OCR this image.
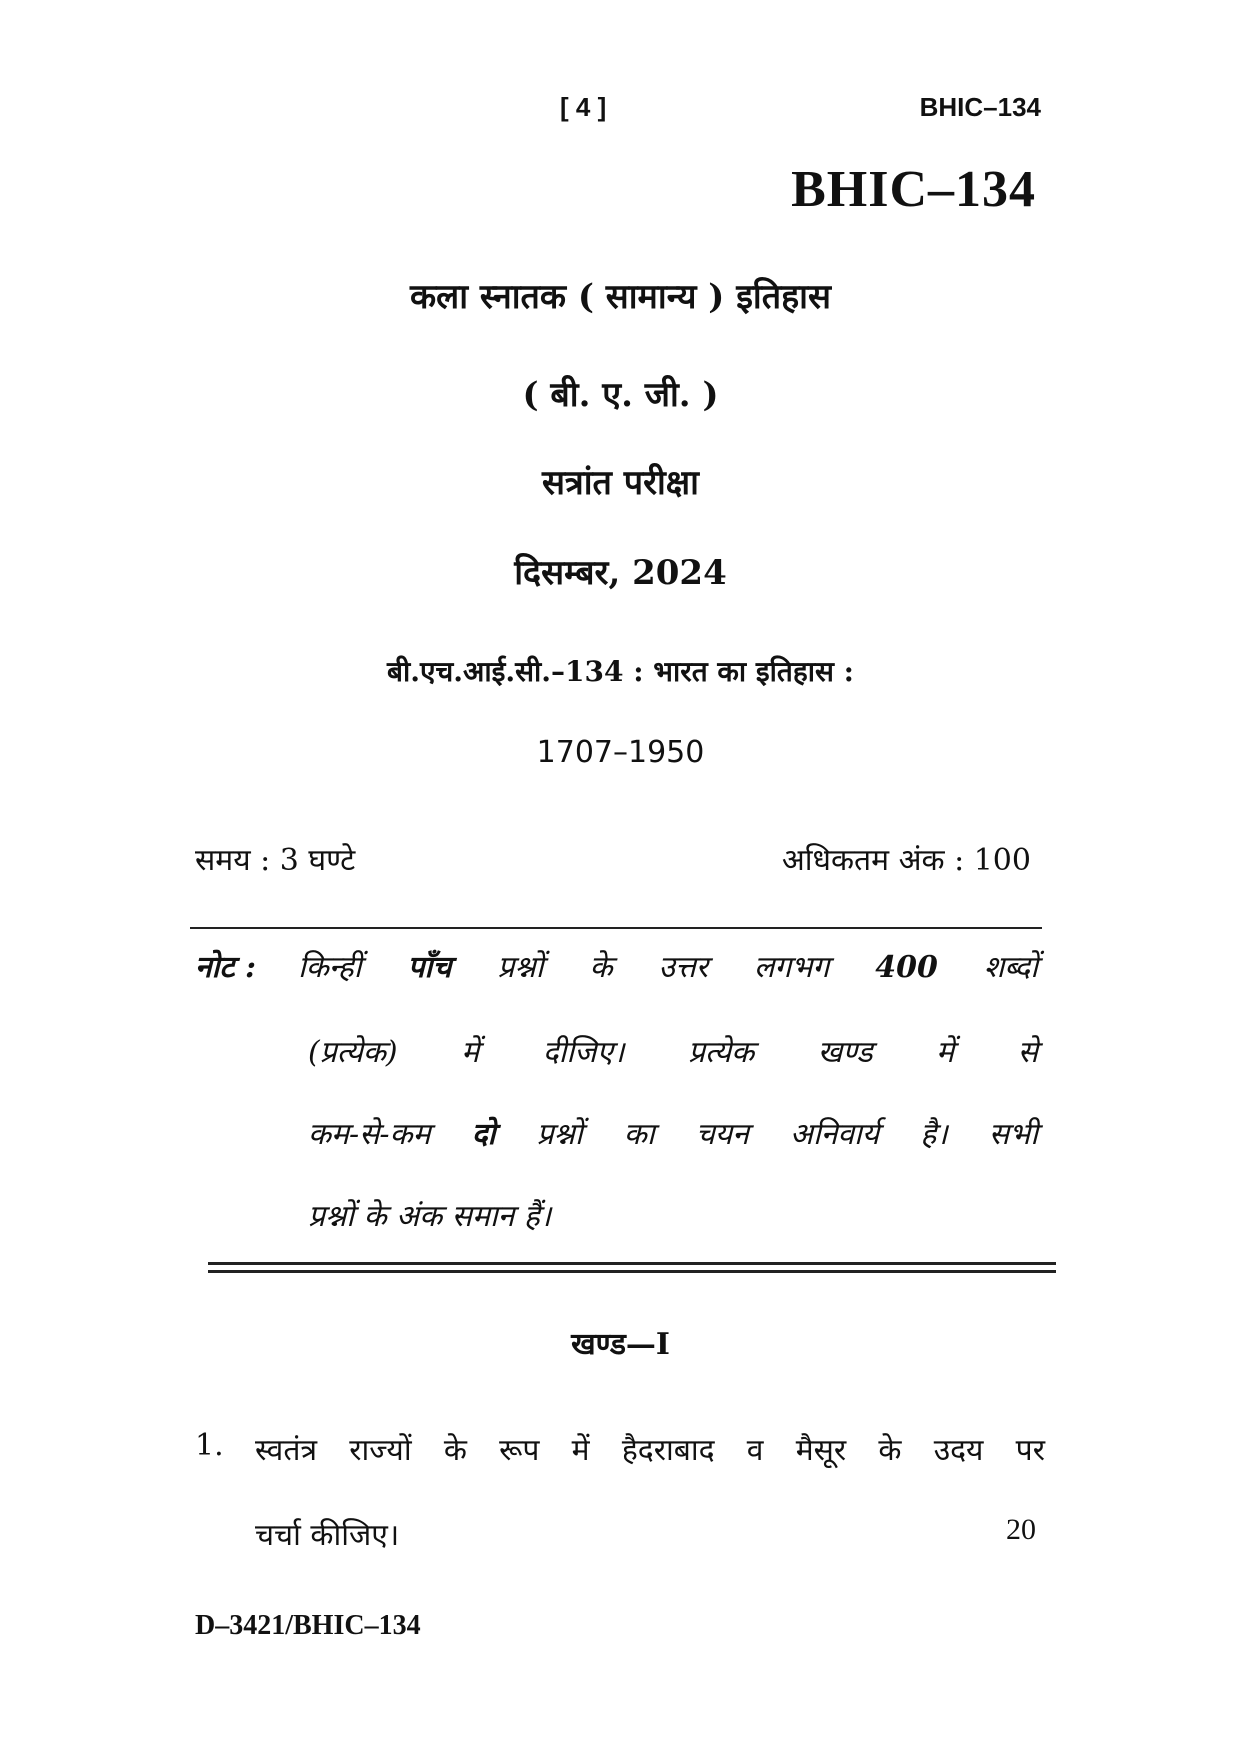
[ 4 ]	BHIC–134
BHIC–134
कला स्नातक ( सामान्य ) इतिहास
( बी. ए. जी. )
सत्रांत परीक्षा
दिसम्बर, 2024
बी.एच.आई.सी.–134 : भारत का इतिहास :
1707–1950
समय : 3 घण्टे	अधिकतम अंक : 100
नोट : किन्हीं पाँच प्रश्नों के उत्तर लगभग 400 शब्दों
(प्रत्येक) में दीजिए। प्रत्येक खण्ड में से
कम-से-कम दो प्रश्नों का चयन अनिवार्य है। सभी
प्रश्नों के अंक समान हैं।
खण्ड—I
1. स्वतंत्र राज्यों के रूप में हैदराबाद व मैसूर के उदय पर
चर्चा कीजिए।	20
D–3421/BHIC–134
